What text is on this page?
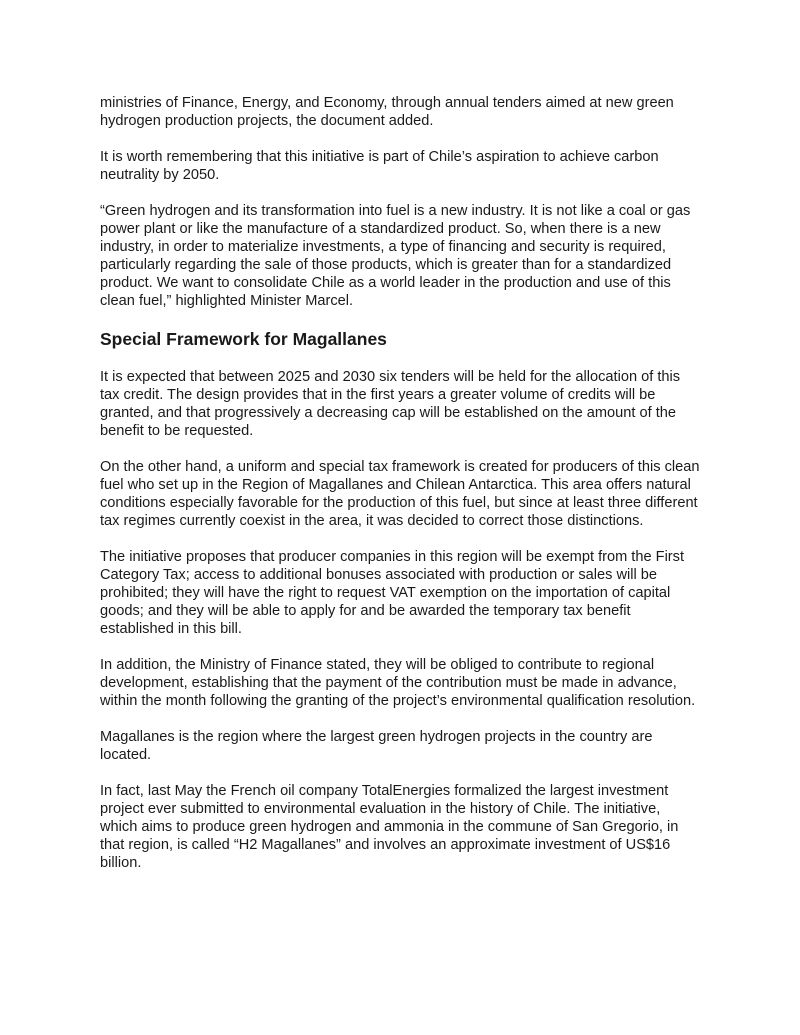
ministries of Finance, Energy, and Economy, through annual tenders aimed at new green hydrogen production projects, the document added.

It is worth remembering that this initiative is part of Chile’s aspiration to achieve carbon neutrality by 2050.

“Green hydrogen and its transformation into fuel is a new industry. It is not like a coal or gas power plant or like the manufacture of a standardized product. So, when there is a new industry, in order to materialize investments, a type of financing and security is required, particularly regarding the sale of those products, which is greater than for a standardized product. We want to consolidate Chile as a world leader in the production and use of this clean fuel,” highlighted Minister Marcel.

Special Framework for Magallanes

It is expected that between 2025 and 2030 six tenders will be held for the allocation of this tax credit. The design provides that in the first years a greater volume of credits will be granted, and that progressively a decreasing cap will be established on the amount of the benefit to be requested.

On the other hand, a uniform and special tax framework is created for producers of this clean fuel who set up in the Region of Magallanes and Chilean Antarctica. This area offers natural conditions especially favorable for the production of this fuel, but since at least three different tax regimes currently coexist in the area, it was decided to correct those distinctions.

The initiative proposes that producer companies in this region will be exempt from the First Category Tax; access to additional bonuses associated with production or sales will be prohibited; they will have the right to request VAT exemption on the importation of capital goods; and they will be able to apply for and be awarded the temporary tax benefit established in this bill.

In addition, the Ministry of Finance stated, they will be obliged to contribute to regional development, establishing that the payment of the contribution must be made in advance, within the month following the granting of the project’s environmental qualification resolution.

Magallanes is the region where the largest green hydrogen projects in the country are located.

In fact, last May the French oil company TotalEnergies formalized the largest investment project ever submitted to environmental evaluation in the history of Chile. The initiative, which aims to produce green hydrogen and ammonia in the commune of San Gregorio, in that region, is called “H2 Magallanes” and involves an approximate investment of US$16 billion.
